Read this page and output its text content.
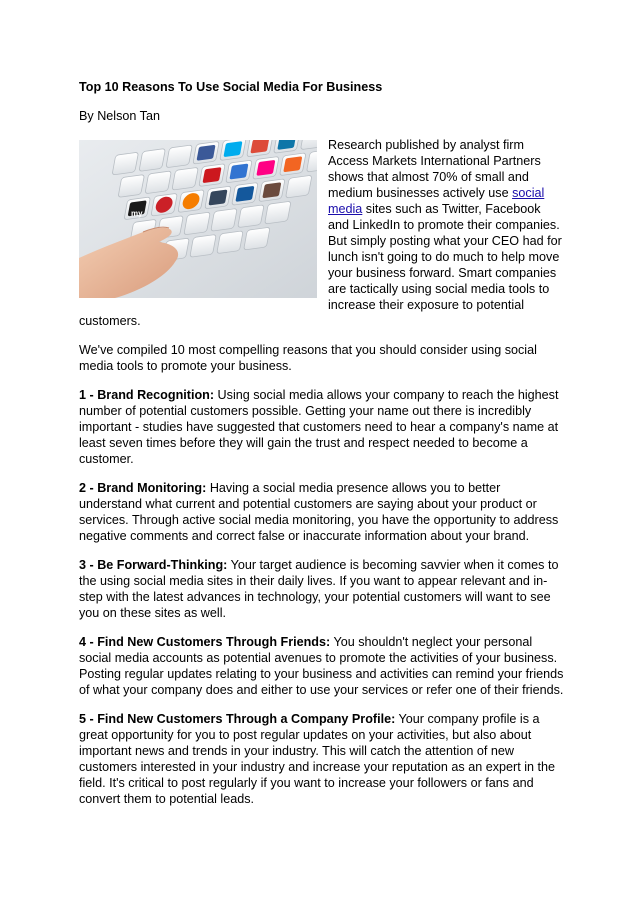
Top 10 Reasons To Use Social Media For Business
By Nelson Tan
my
Research published by analyst firm Access Markets International Partners shows that almost 70% of small and medium businesses actively use social media sites such as Twitter, Facebook and LinkedIn to promote their companies. But simply posting what your CEO had for lunch isn't going to do much to help move your business forward. Smart companies are tactically using social media tools to increase their exposure to potential customers.

We've compiled 10 most compelling reasons that you should consider using social media tools to promote your business.

1 - Brand Recognition: Using social media allows your company to reach the highest number of potential customers possible. Getting your name out there is incredibly important - studies have suggested that customers need to hear a company's name at least seven times before they will gain the trust and respect needed to become a customer.

2 - Brand Monitoring: Having a social media presence allows you to better understand what current and potential customers are saying about your product or services. Through active social media monitoring, you have the opportunity to address negative comments and correct false or inaccurate information about your brand.

3 - Be Forward-Thinking: Your target audience is becoming savvier when it comes to the using social media sites in their daily lives. If you want to appear relevant and in-step with the latest advances in technology, your potential customers will want to see you on these sites as well.

4 - Find New Customers Through Friends: You shouldn't neglect your personal social media accounts as potential avenues to promote the activities of your business. Posting regular updates relating to your business and activities can remind your friends of what your company does and either to use your services or refer one of their friends.

5 - Find New Customers Through a Company Profile: Your company profile is a great opportunity for you to post regular updates on your activities, but also about important news and trends in your industry. This will catch the attention of new customers interested in your industry and increase your reputation as an expert in the field. It's critical to post regularly if you want to increase your followers or fans and convert them to potential leads.
